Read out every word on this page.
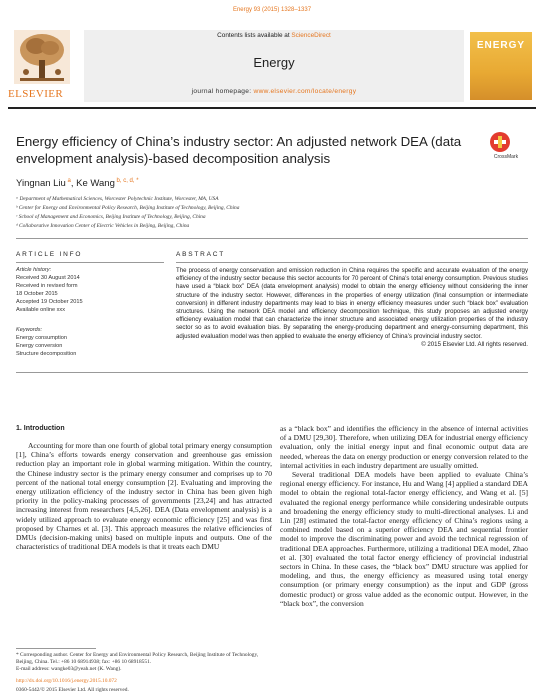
Energy 93 (2015) 1328–1337
ELSEVIER
Contents lists available at ScienceDirect
Energy
journal homepage: www.elsevier.com/locate/energy
ENERGY
Energy efficiency of China’s industry sector: An adjusted network DEA (data envelopment analysis)-based decomposition analysis	CrossMark
Yingnan Liu $^a$, Ke Wang $^{b, c, d, *}$
ᵃ Department of Mathematical Sciences, Worcester Polytechnic Institute, Worcester, MA, USA
ᵇ Center for Energy and Environmental Policy Research, Beijing Institute of Technology, Beijing, China
ᶜ School of Management and Economics, Beijing Institute of Technology, Beijing, China
ᵈ Collaborative Innovation Center of Electric Vehicles in Beijing, Beijing, China
ARTICLE INFO
Article history:
Received 30 August 2014
Received in revised form
18 October 2015
Accepted 19 October 2015
Available online xxx
Keywords:
Energy consumption
Energy conversion
Structure decomposition
ABSTRACT
The process of energy conservation and emission reduction in China requires the specific and accurate evaluation of the energy efficiency of the industry sector because this sector accounts for 70 percent of China’s total energy consumption. Previous studies have used a “black box” DEA (data envelopment analysis) model to obtain the energy efficiency without considering the inner structure of the industry sector. However, differences in the properties of energy utilization (final consumption or intermediate conversion) in different industry departments may lead to bias in energy efficiency measures under such “black box” evaluation structures. Using the network DEA model and efficiency decomposition technique, this study proposes an adjusted energy efficiency evaluation model that can characterize the inner structure and associated energy utilization properties of the industry sector so as to avoid evaluation bias. By separating the energy-producing department and energy-consuming department, this adjusted evaluation model was then applied to evaluate the energy efficiency of China’s provincial industry sector.
© 2015 Elsevier Ltd. All rights reserved.
1. Introduction
Accounting for more than one fourth of global total primary energy consumption [1], China’s efforts towards energy conservation and greenhouse gas emission reduction play an important role in global warming mitigation. Within the country, the Chinese industry sector is the primary energy consumer and comprises up to 70 percent of the national total energy consumption [2]. Evaluating and improving the energy utilization efficiency of the industry sector in China has been given high priority in the policy-making processes of governments [23,24] and has attracted increasing interest from researchers [4,5,26]. DEA (Data envelopment analysis) is a widely utilized approach to evaluate energy economic efficiency [25] and was first proposed by Charnes et al. [3]. This approach measures the relative efficiencies of DMUs (decision-making units) based on multiple inputs and outputs. One of the characteristics of traditional DEA models is that it treats each DMU
as a “black box” and identifies the efficiency in the absence of internal activities of a DMU [29,30]. Therefore, when utilizing DEA for industrial energy efficiency evaluation, only the initial energy input and final economic output data are needed, whereas the data on energy production or energy conversion related to the internal activities in each industry department are usually omitted.
Several traditional DEA models have been applied to evaluate China’s regional energy efficiency. For instance, Hu and Wang [4] applied a standard DEA model to obtain the regional total-factor energy efficiency, and Wang et al. [5] evaluated the regional energy performance while considering undesirable outputs and broadening the energy efficiency study to multi-directional analyses. Li and Lin [28] estimated the total-factor energy efficiency of China’s regions using a combined model based on a superior efficiency DEA and sequential frontier model to improve the discriminating power and avoid the technical regression of traditional DEA approaches. Furthermore, utilizing a traditional DEA model, Zhao et al. [30] evaluated the total factor energy efficiency of provincial industrial sectors in China. In these cases, the “black box” DMU structure was applied for modeling, and thus, the energy efficiency as measured using total energy consumption (or primary energy consumption) as the input and GDP (gross domestic product) or gross value added as the economic output. However, in the “black box”, the conversion
* Corresponding author. Center for Energy and Environmental Policy Research, Beijing Institute of Technology, Beijing, China. Tel.: +86 10 68914938; fax: +86 10 68918551.
E-mail address: wangke03@yeah.net (K. Wang).
http://dx.doi.org/10.1016/j.energy.2015.10.072
0360-5442/© 2015 Elsevier Ltd. All rights reserved.
